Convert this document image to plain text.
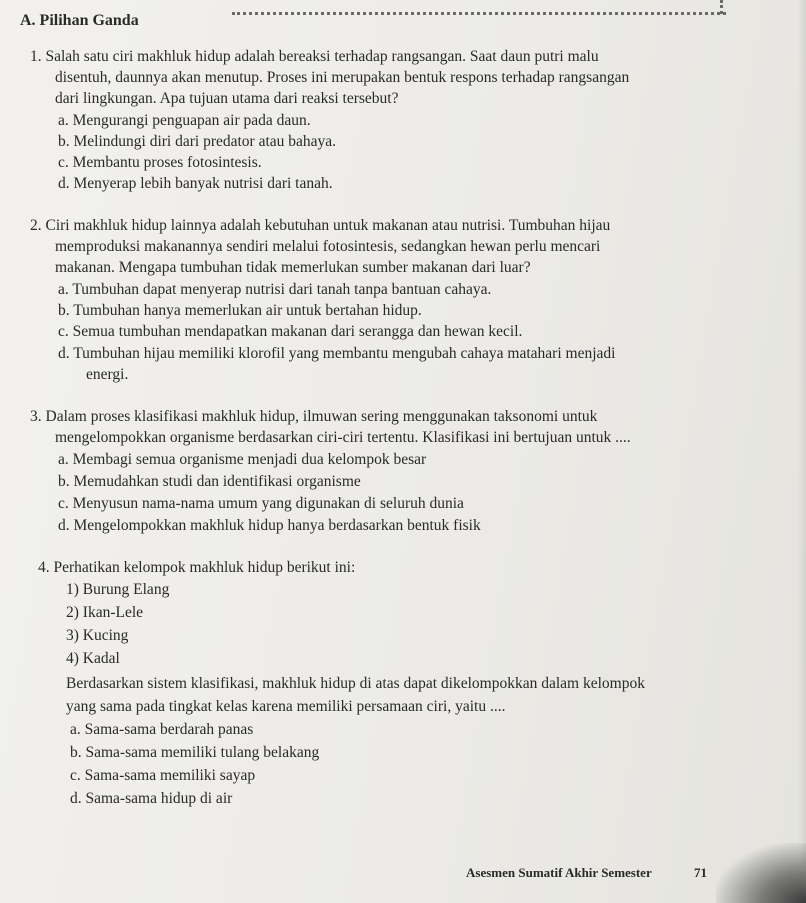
A. Pilihan Ganda
1. Salah satu ciri makhluk hidup adalah bereaksi terhadap rangsangan. Saat daun putri malu
disentuh, daunnya akan menutup. Proses ini merupakan bentuk respons terhadap rangsangan
dari lingkungan. Apa tujuan utama dari reaksi tersebut?
a. Mengurangi penguapan air pada daun.
b. Melindungi diri dari predator atau bahaya.
c. Membantu proses fotosintesis.
d. Menyerap lebih banyak nutrisi dari tanah.
2. Ciri makhluk hidup lainnya adalah kebutuhan untuk makanan atau nutrisi. Tumbuhan hijau
memproduksi makanannya sendiri melalui fotosintesis, sedangkan hewan perlu mencari
makanan. Mengapa tumbuhan tidak memerlukan sumber makanan dari luar?
a. Tumbuhan dapat menyerap nutrisi dari tanah tanpa bantuan cahaya.
b. Tumbuhan hanya memerlukan air untuk bertahan hidup.
c. Semua tumbuhan mendapatkan makanan dari serangga dan hewan kecil.
d. Tumbuhan hijau memiliki klorofil yang membantu mengubah cahaya matahari menjadi
energi.
3. Dalam proses klasifikasi makhluk hidup, ilmuwan sering menggunakan taksonomi untuk
mengelompokkan organisme berdasarkan ciri-ciri tertentu. Klasifikasi ini bertujuan untuk ....
a. Membagi semua organisme menjadi dua kelompok besar
b. Memudahkan studi dan identifikasi organisme
c. Menyusun nama-nama umum yang digunakan di seluruh dunia
d. Mengelompokkan makhluk hidup hanya berdasarkan bentuk fisik
4. Perhatikan kelompok makhluk hidup berikut ini:
1) Burung Elang
2) Ikan-Lele
3) Kucing
4) Kadal
Berdasarkan sistem klasifikasi, makhluk hidup di atas dapat dikelompokkan dalam kelompok
yang sama pada tingkat kelas karena memiliki persamaan ciri, yaitu ....
a. Sama-sama berdarah panas
b. Sama-sama memiliki tulang belakang
c. Sama-sama memiliki sayap
d. Sama-sama hidup di air
Asesmen Sumatif Akhir Semester	71
